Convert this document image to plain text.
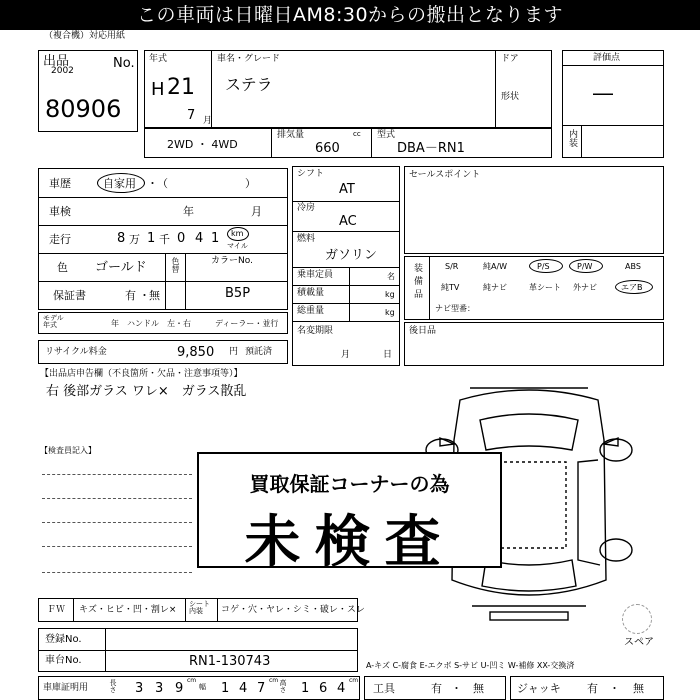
この車両は日曜日AM8:30からの搬出となります
（複合機）対応用紙
出品	No.
2002
80906
年式
H 21
7 月
車名・グレード
ステラ
ドア
形状
2WD ・ 4WD
排気量	cc
660
型式
DBA－RN1
評価点
―
内装
車歴	自家用 ・ （　　　　　　　）
車検	年	月
走行	8 万 1 千 0 4 1 km
マイル
色 ゴールド	色替	カラーNo.
B5P
保証書	有 ・ 無
モデル年式	年 ハンドル　左・右	ディーラー・並行
リサイクル料金	9,850 円 預託済
シフト
AT
冷房
AC
燃料
ガソリン
乗車定員	名
積載量	kg
総重量	kg
名変期限
月	日
セールスポイント
装備品	S/R	純A/W	P/S	P/W	ABS
純TV	純ナビ	革シート 外ナビ	エアB
ナビ型番：
後日品
【出品店申告欄（不良箇所・欠品・注意事項等）】
右 後部ガラス ワレ×　ガラス散乱
【検査員記入】
スペア
買取保証コーナーの為
未検査
ＦＷ キズ・ヒビ・凹・割レ×
シート内装	コゲ・穴・ヤレ・シミ・破レ・スレ
登録No.
車台No.	RN1-130743	A-キズ C-腐食 E-エクボ S-サビ U-凹ミ W-補修 XX-交換済
車庫証明用	長さ 3 3 9
cm
幅 1 4 7
cm 高さ 1 6 4
cm
工具	有 ・ 無	ジャッキ 有 ・ 無
